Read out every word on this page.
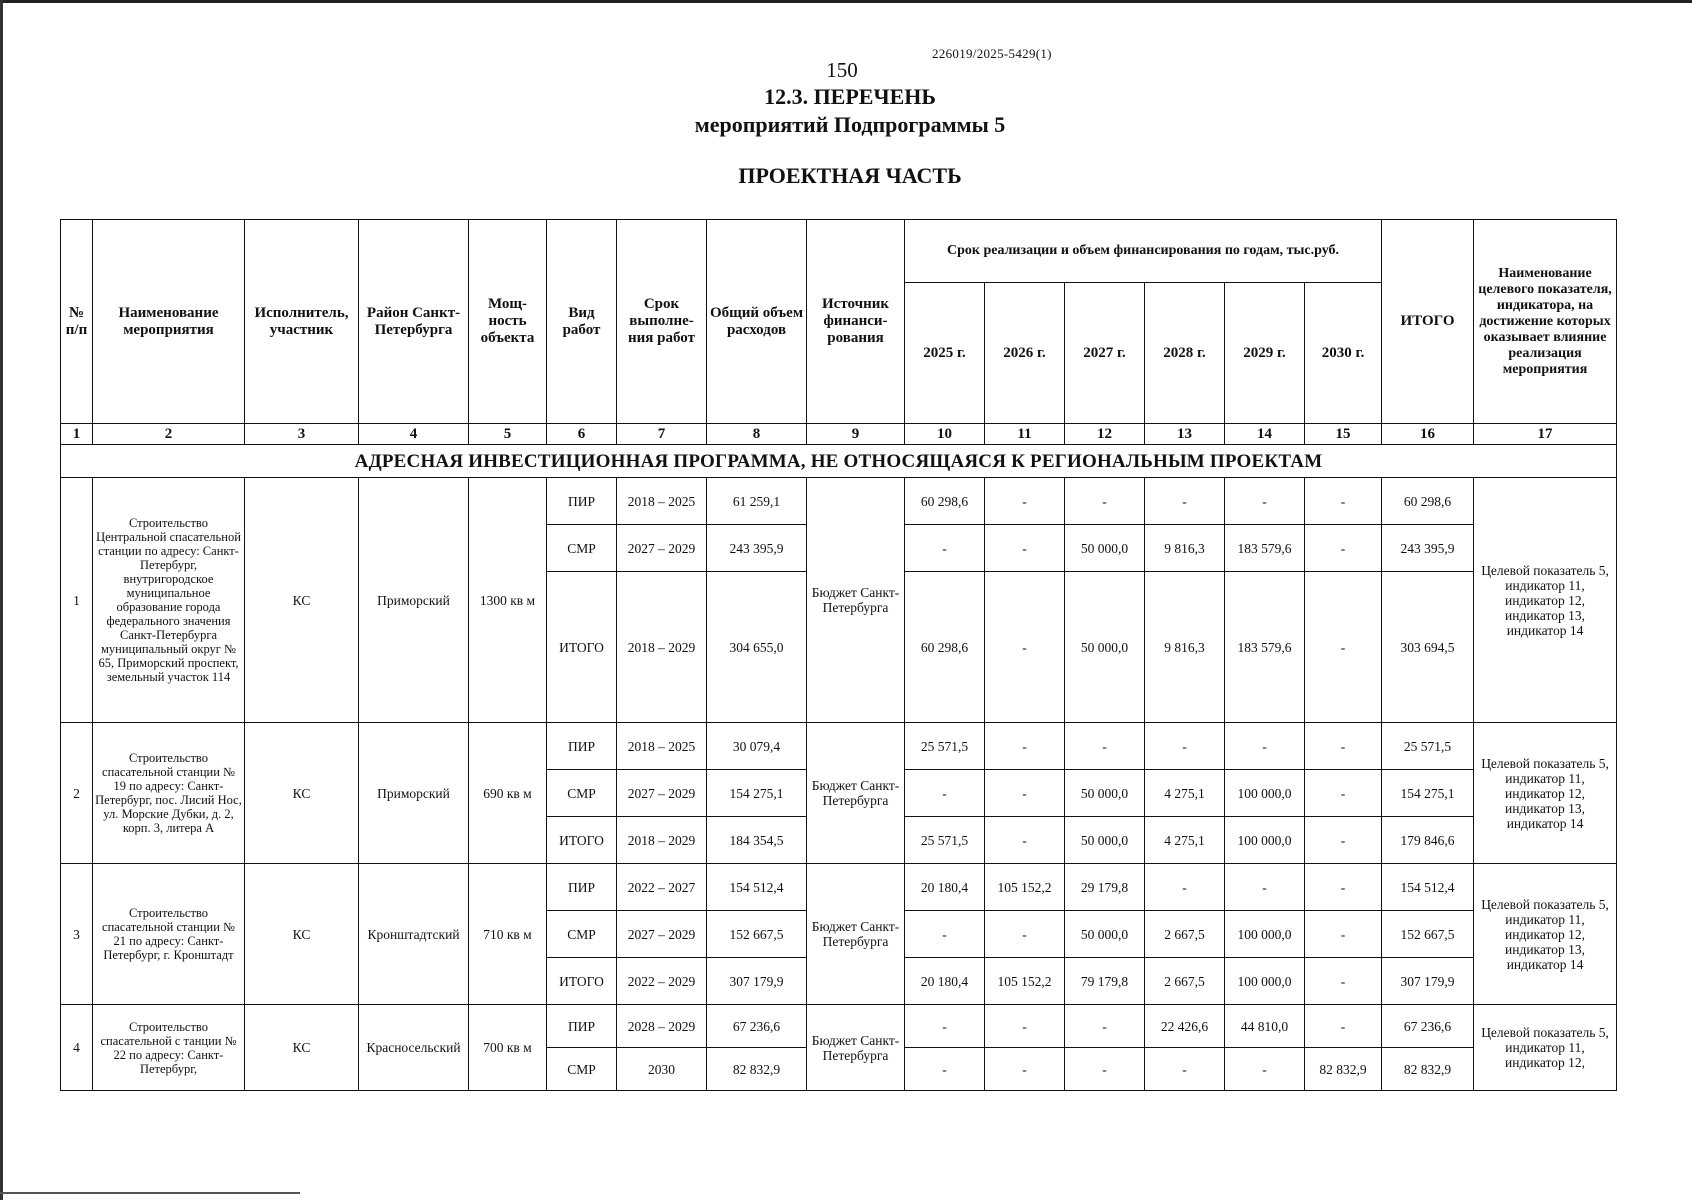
226019/2025-5429(1)
150
12.3. ПЕРЕЧЕНЬ
мероприятий Подпрограммы 5
ПРОЕКТНАЯ ЧАСТЬ
№ п/п	Наименование мероприятия	Исполнитель, участник	Район Санкт-Петербурга	Мощ-ность объекта	Вид работ	Срок выполне-ния работ	Общий объем расходов	Источник финанси-рования	Срок реализации и объем финансирования по годам, тыс.руб.						ИТОГО	Наименование целевого показателя, индикатора, на достижение которых оказывает влияние реализация мероприятия
									2025 г.	2026 г.	2027 г.	2028 г.	2029 г.	2030 г.		
1	2	3	4	5	6	7	8	9	10	11	12	13	14	15	16	17
АДРЕСНАЯ ИНВЕСТИЦИОННАЯ ПРОГРАММА, НЕ ОТНОСЯЩАЯСЯ К РЕГИОНАЛЬНЫМ ПРОЕКТАМ																
1	Строительство Центральной спасательной станции по адресу: Санкт-Петербург, внутригородское муниципальное образование города федерального значения Санкт-Петербурга муниципальный округ № 65, Приморский проспект, земельный участок 114	КС	Приморский	1300 кв м	ПИР	2018 – 2025	61 259,1	Бюджет Санкт-Петербурга	60 298,6	-	-	-	-	-	60 298,6	Целевой показатель 5, индикатор 11, индикатор 12, индикатор 13, индикатор 14
					СМР	2027 – 2029	243 395,9		-	-	50 000,0	9 816,3	183 579,6	-	243 395,9	
					ИТОГО	2018 – 2029	304 655,0		60 298,6	-	50 000,0	9 816,3	183 579,6	-	303 694,5	
2	Строительство спасательной станции № 19 по адресу: Санкт-Петербург, пос. Лисий Нос, ул. Морские Дубки, д. 2, корп. 3, литера А	КС	Приморский	690 кв м	ПИР	2018 – 2025	30 079,4	Бюджет Санкт-Петербурга	25 571,5	-	-	-	-	-	25 571,5	Целевой показатель 5, индикатор 11, индикатор 12, индикатор 13, индикатор 14
					СМР	2027 – 2029	154 275,1		-	-	50 000,0	4 275,1	100 000,0	-	154 275,1	
					ИТОГО	2018 – 2029	184 354,5		25 571,5	-	50 000,0	4 275,1	100 000,0	-	179 846,6	
3	Строительство спасательной станции № 21 по адресу: Санкт-Петербург, г. Кронштадт	КС	Кронштадтский	710 кв м	ПИР	2022 – 2027	154 512,4	Бюджет Санкт-Петербурга	20 180,4	105 152,2	29 179,8	-	-	-	154 512,4	Целевой показатель 5, индикатор 11, индикатор 12, индикатор 13, индикатор 14
					СМР	2027 – 2029	152 667,5		-	-	50 000,0	2 667,5	100 000,0	-	152 667,5	
					ИТОГО	2022 – 2029	307 179,9		20 180,4	105 152,2	79 179,8	2 667,5	100 000,0	-	307 179,9	
4	Строительство спасательной с танции № 22 по адресу: Санкт-Петербург,	КС	Красносельский	700 кв м	ПИР	2028 – 2029	67 236,6	Бюджет Санкт-Петербурга	-	-	-	22 426,6	44 810,0	-	67 236,6	Целевой показатель 5, индикатор 11, индикатор 12,
					СМР	2030	82 832,9		-	-	-	-	-	82 832,9	82 832,9	
